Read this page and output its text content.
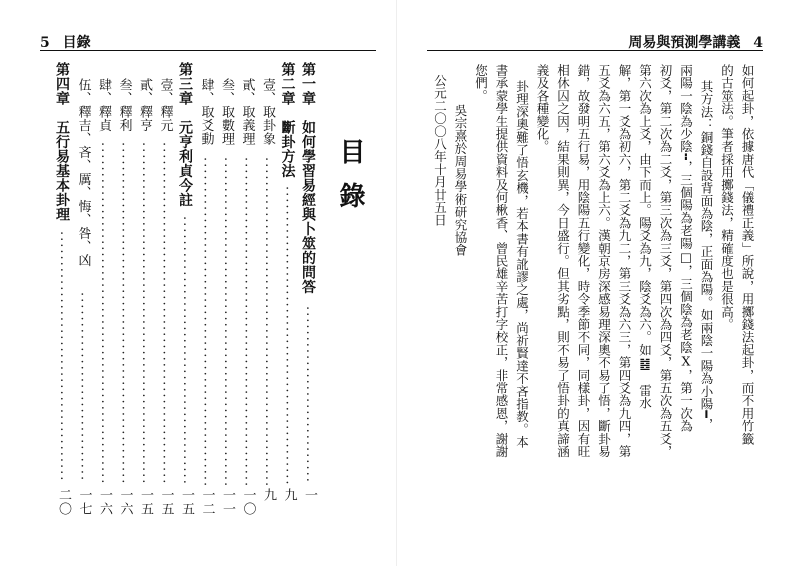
5 目錄
目錄
第一章　如何學習易經與卜筮的問答
.............................
一
第二章　斷卦方法
.................................................
九
壹、取卦象
......................................................
九
貳、取義理
......................................................
一〇
叁、取數理
......................................................
一一
肆、取爻動
......................................................
一二
第三章　元亨利貞今註
............................................
一五
壹、釋元
........................................................
一五
貳、釋亨
........................................................
一五
叁、釋利
........................................................
一六
肆、釋貞
........................................................
一六
伍、釋吉、吝、厲、悔、咎、凶
...............................
一七
第四章　五行易基本卦理
.........................................
二〇
周易與預測學講義 4
如何起卦，依據唐代「儀禮正義」所說，用擲錢法起卦，而不用竹籤
的古筮法。筆者採用擲錢法，精確度也是很高。
其方法：銅錢自設背面為陰，正面為陽。如兩陰一陽為小陽━，
兩陽一陰為少陰╍，三個陽為老陽□，三個陰為老陰Ⅹ，第一次為
初爻，第二次為二爻，第三次為三爻，第四次為四爻，第五次為五爻，
第六次為上爻，由下而上。陽爻為九，陰爻為六。如䷾　雷水
解，第一爻為初六，第二爻為九二，第三爻為六三，第四爻為九四，第
五爻為六五，第六爻為上六。漢朝京房深感易理深奧不易了悟，斷卦易
錯，故發明五行易，用陰陽五行變化，時令季節不同，同樣卦，因有旺
相休囚之因，結果則異，今日盛行。但其劣點，則不易了悟卦的真諦涵
義及各種變化。
卦理深奧難了悟玄機，若本書有訛謬之處，尚祈賢達不吝指教。本
書承蒙學生提供資料及何楸香、曾民雄辛苦打字校正，非常感恩，謝謝
您們。
吳宗熹於周易學術研究協會
公元二〇〇八年十月廿五日
